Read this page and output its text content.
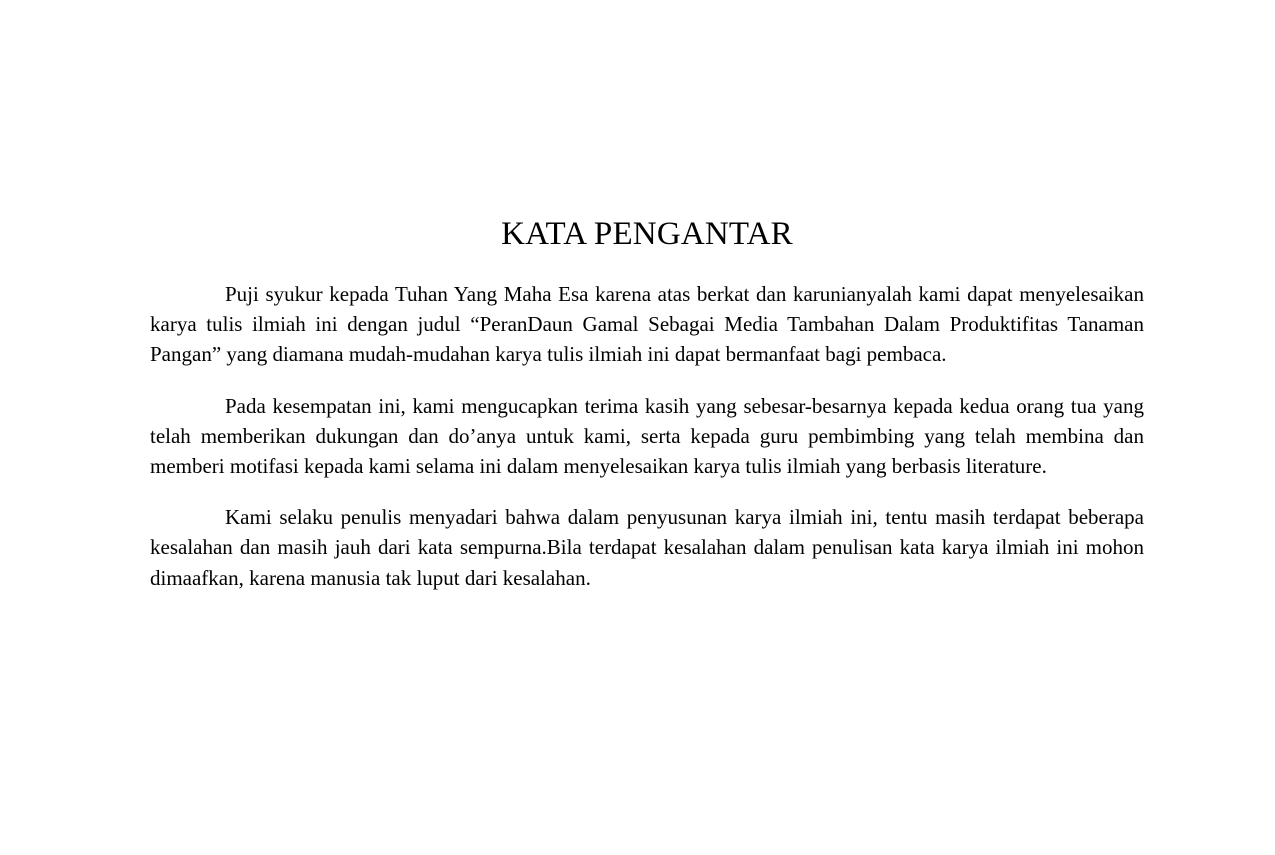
KATA PENGANTAR

Puji syukur kepada Tuhan Yang Maha Esa karena atas berkat dan karunianyalah kami dapat menyelesaikan karya tulis ilmiah ini dengan judul “PeranDaun Gamal Sebagai Media Tambahan Dalam Produktifitas Tanaman Pangan” yang diamana mudah-mudahan karya tulis ilmiah ini dapat bermanfaat bagi pembaca.

Pada kesempatan ini, kami mengucapkan terima kasih yang sebesar-besarnya kepada kedua orang tua yang telah memberikan dukungan dan do’anya untuk kami, serta kepada guru pembimbing yang telah membina dan memberi motifasi kepada kami selama ini dalam menyelesaikan karya tulis ilmiah yang berbasis literature.

Kami selaku penulis menyadari bahwa dalam penyusunan karya ilmiah ini, tentu masih terdapat beberapa kesalahan dan masih jauh dari kata sempurna.Bila terdapat kesalahan dalam penulisan kata karya ilmiah ini mohon dimaafkan, karena manusia tak luput dari kesalahan.
